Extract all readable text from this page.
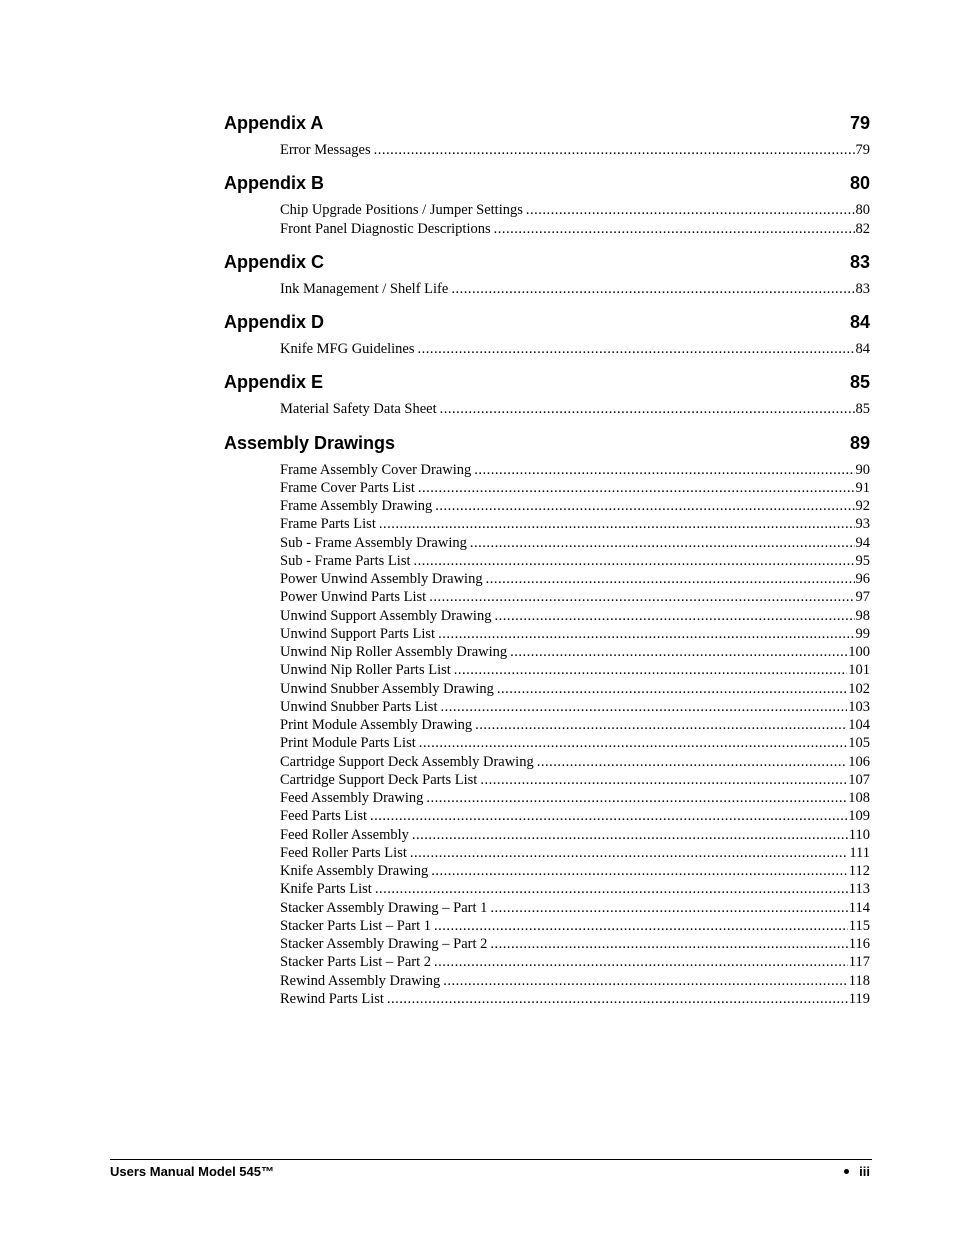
Appendix A	79
Error Messages .....	79
Appendix B	80
Chip Upgrade Positions / Jumper Settings .....	80
Front Panel Diagnostic Descriptions .....	82
Appendix C	83
Ink Management / Shelf Life .....	83
Appendix D	84
Knife MFG Guidelines .....	84
Appendix E	85
Material Safety Data Sheet .....	85
Assembly Drawings	89
Frame Assembly Cover Drawing .....	90
Frame Cover Parts List .....	91
Frame Assembly Drawing .....	92
Frame Parts List .....	93
Sub - Frame Assembly Drawing .....	94
Sub - Frame Parts List .....	95
Power Unwind Assembly Drawing .....	96
Power Unwind Parts List .....	97
Unwind Support Assembly Drawing .....	98
Unwind Support Parts List .....	99
Unwind Nip Roller Assembly Drawing .....	100
Unwind Nip Roller Parts List .....	101
Unwind Snubber Assembly Drawing .....	102
Unwind Snubber Parts List .....	103
Print Module Assembly Drawing .....	104
Print Module Parts List .....	105
Cartridge Support Deck Assembly Drawing .....	106
Cartridge Support Deck Parts List .....	107
Feed Assembly Drawing .....	108
Feed Parts List .....	109
Feed Roller Assembly .....	110
Feed Roller Parts List .....	111
Knife Assembly Drawing .....	112
Knife Parts List .....	113
Stacker Assembly Drawing – Part 1 .....	114
Stacker Parts List – Part 1 .....	115
Stacker Assembly Drawing – Part 2 .....	116
Stacker Parts List – Part 2 .....	117
Rewind Assembly Drawing .....	118
Rewind Parts List .....	119
Users Manual Model 545™	iii
